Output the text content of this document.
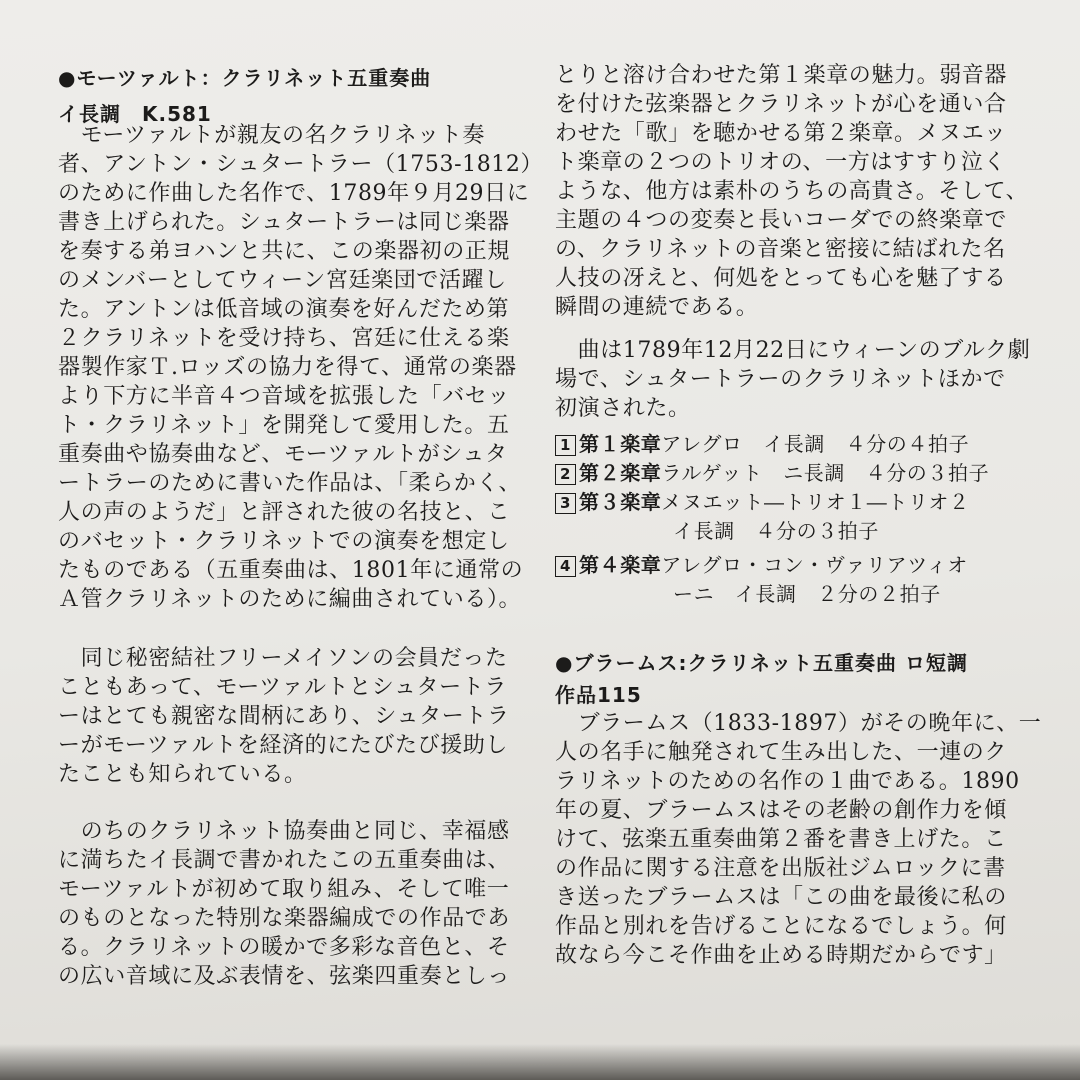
●モーツァルト：クラリネット五重奏曲
イ長調　K.581
　モーツァルトが親友の名クラリネット奏
者、アントン・シュタートラー（1753-1812）
のために作曲した名作で、1789年９月29日に
書き上げられた。シュタートラーは同じ楽器
を奏する弟ヨハンと共に、この楽器初の正規
のメンバーとしてウィーン宮廷楽団で活躍し
た。アントンは低音域の演奏を好んだため第
２クラリネットを受け持ち、宮廷に仕える楽
器製作家Ｔ.ロッズの協力を得て、通常の楽器
より下方に半音４つ音域を拡張した「バセッ
ト・クラリネット」を開発して愛用した。五
重奏曲や協奏曲など、モーツァルトがシュタ
ートラーのために書いた作品は、「柔らかく、
人の声のようだ」と評された彼の名技と、こ
のバセット・クラリネットでの演奏を想定し
たものである（五重奏曲は、1801年に通常の
Ａ管クラリネットのために編曲されている）。
　同じ秘密結社フリーメイソンの会員だった
こともあって、モーツァルトとシュタートラ
ーはとても親密な間柄にあり、シュタートラ
ーがモーツァルトを経済的にたびたび援助し
たことも知られている。
　のちのクラリネット協奏曲と同じ、幸福感
に満ちたイ長調で書かれたこの五重奏曲は、
モーツァルトが初めて取り組み、そして唯一
のものとなった特別な楽器編成での作品であ
る。クラリネットの暖かで多彩な音色と、そ
の広い音域に及ぶ表情を、弦楽四重奏としっ
とりと溶け合わせた第１楽章の魅力。弱音器
を付けた弦楽器とクラリネットが心を通い合
わせた「歌」を聴かせる第２楽章。メヌエッ
ト楽章の２つのトリオの、一方はすすり泣く
ような、他方は素朴のうちの高貴さ。そして、
主題の４つの変奏と長いコーダでの終楽章で
の、クラリネットの音楽と密接に結ばれた名
人技の冴えと、何処をとっても心を魅了する
瞬間の連続である。
　曲は1789年12月22日にウィーンのブルク劇
場で、シュタートラーのクラリネットほかで
初演された。
1 第１楽章アレグロ　イ長調　４分の４拍子
2 第２楽章ラルゲット　ニ長調　４分の３拍子
3 第３楽章メヌエット―トリオ１―トリオ２
イ長調　４分の３拍子
4 第４楽章アレグロ・コン・ヴァリアツィオ
ーニ　イ長調　２分の２拍子
●ブラームス:クラリネット五重奏曲 ロ短調
作品115
　ブラームス（1833-1897）がその晩年に、一
人の名手に触発されて生み出した、一連のク
ラリネットのための名作の１曲である。1890
年の夏、ブラームスはその老齢の創作力を傾
けて、弦楽五重奏曲第２番を書き上げた。こ
の作品に関する注意を出版社ジムロックに書
き送ったブラームスは「この曲を最後に私の
作品と別れを告げることになるでしょう。何
故なら今こそ作曲を止める時期だからです」
